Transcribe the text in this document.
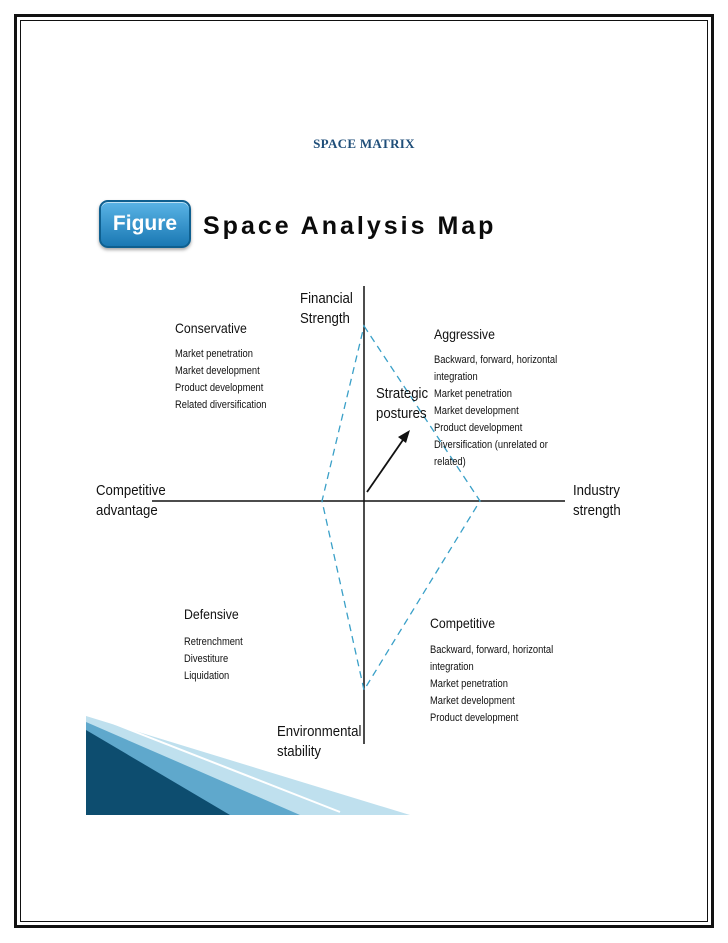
SPACE MATRIX
Figure	Space Analysis Map
Financial
Strength
Competitive
advantage
Industry
strength
Environmental
stability
Strategic
postures
Conservative
Market penetration
Market development
Product development
Related diversification
Aggressive
Backward, forward, horizontal integration
Market penetration
Market development
Product development
Diversification (unrelated or related)
Defensive
Retrenchment
Divestiture
Liquidation
Competitive
Backward, forward, horizontal integration
Market penetration
Market development
Product development
